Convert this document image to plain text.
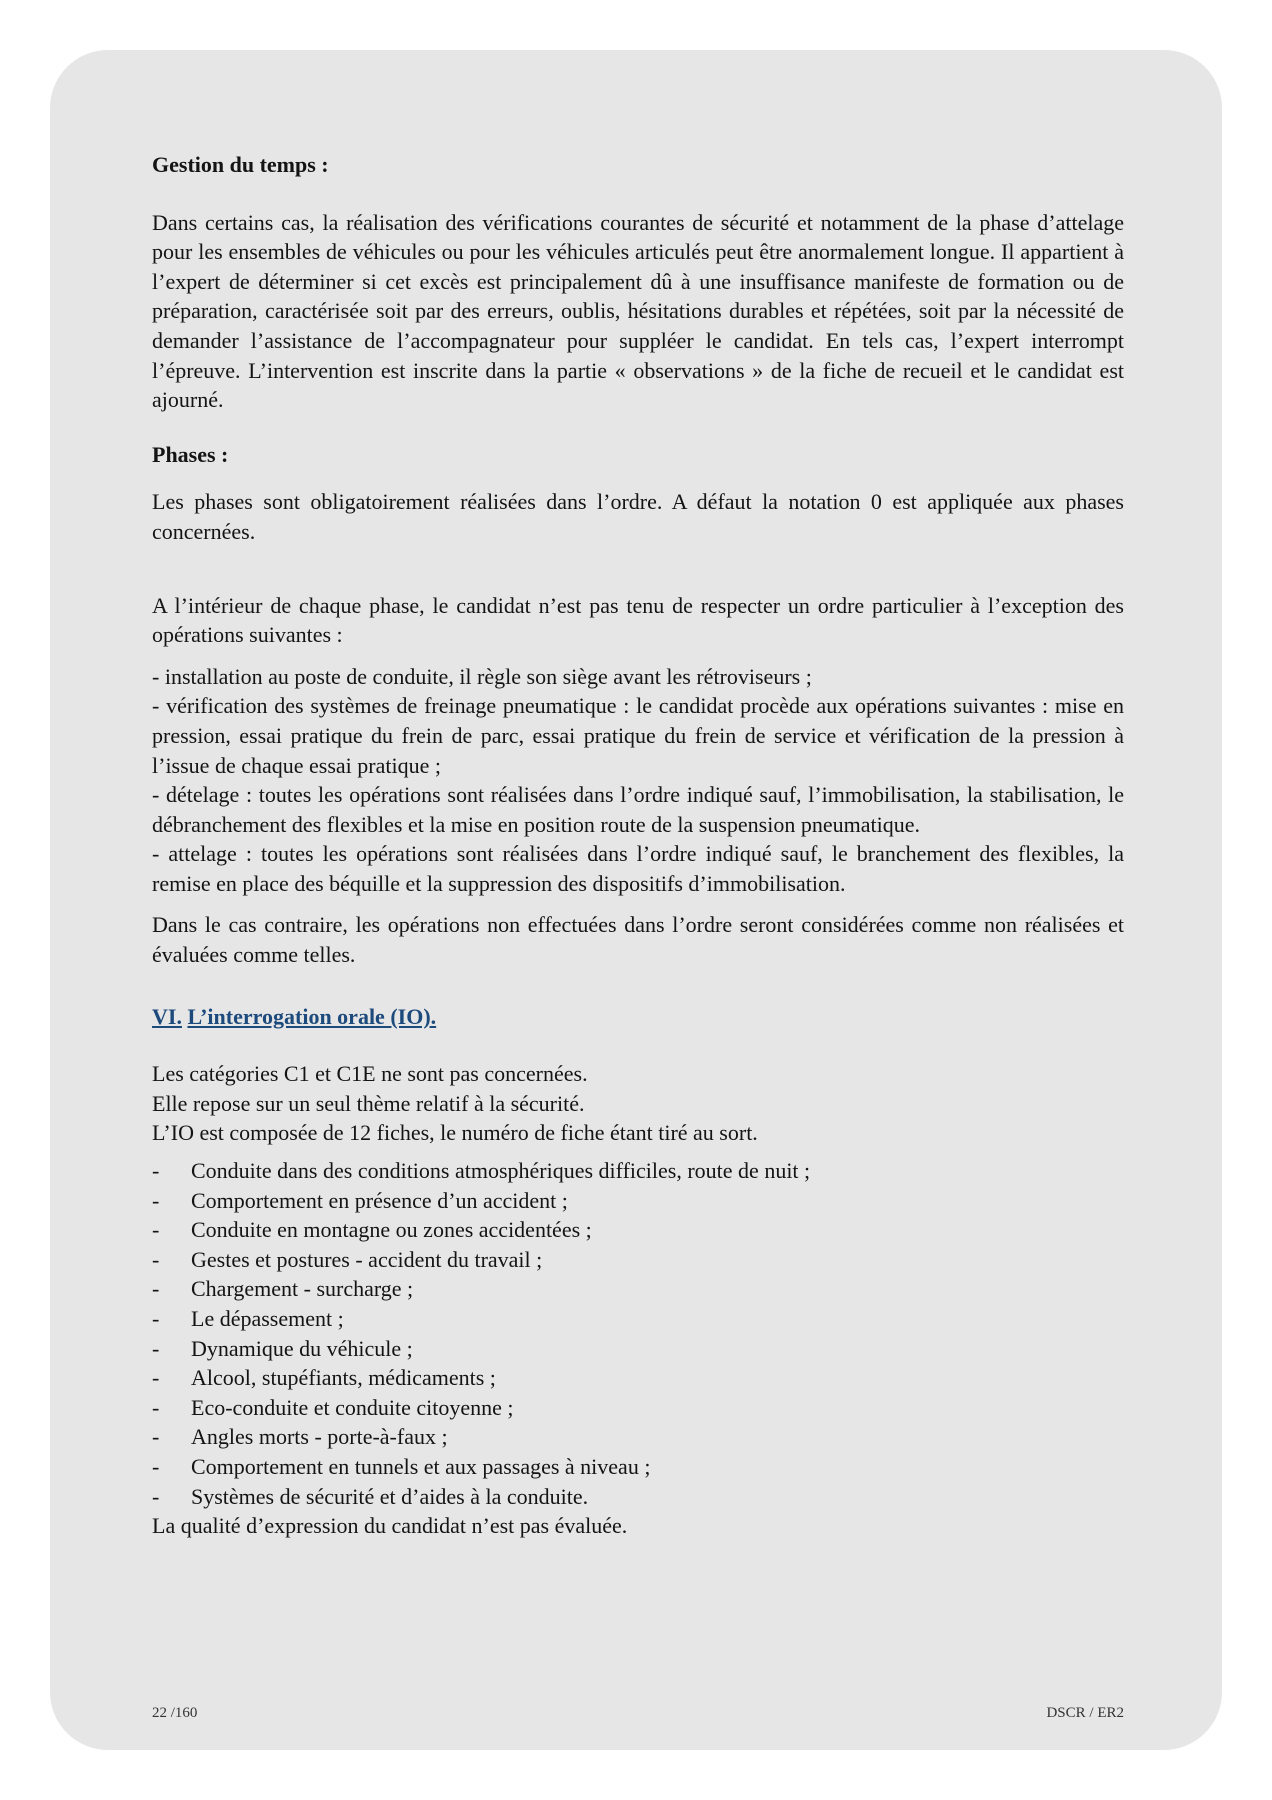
Gestion du temps :

Dans certains cas, la réalisation des vérifications courantes de sécurité et notamment de la phase d’attelage pour les ensembles de véhicules ou pour les véhicules articulés peut être anormalement longue. Il appartient à l’expert de déterminer si cet excès est principalement dû à une insuffisance manifeste de formation ou de préparation, caractérisée soit par des erreurs, oublis, hésitations durables et répétées, soit par la nécessité de demander l’assistance de l’accompagnateur pour suppléer le candidat. En tels cas, l’expert interrompt l’épreuve. L’intervention est inscrite dans la partie « observations » de la fiche de recueil et le candidat est ajourné.

Phases :

Les phases sont obligatoirement réalisées dans l’ordre. A défaut la notation 0 est appliquée aux phases concernées.

A l’intérieur de chaque phase, le candidat n’est pas tenu de respecter un ordre particulier à l’exception des opérations suivantes :

- installation au poste de conduite, il règle son siège avant les rétroviseurs ;

- vérification des systèmes de freinage pneumatique : le candidat procède aux opérations suivantes : mise en pression, essai pratique du frein de parc, essai pratique du frein de service et vérification de la pression à l’issue de chaque essai pratique ;

- dételage : toutes les opérations sont réalisées dans l’ordre indiqué sauf, l’immobilisation, la stabilisation, le débranchement des flexibles et la mise en position route de la suspension pneumatique.

- attelage : toutes les opérations sont réalisées dans l’ordre indiqué sauf, le branchement des flexibles, la remise en place des béquille et la suppression des dispositifs d’immobilisation.

Dans le cas contraire, les opérations non effectuées dans l’ordre seront considérées comme non réalisées et évaluées comme telles.

VI. L’interrogation orale (IO).

Les catégories C1 et C1E ne sont pas concernées.

Elle repose sur un seul thème relatif à la sécurité.

L’IO est composée de 12 fiches, le numéro de fiche étant tiré au sort.

- Conduite dans des conditions atmosphériques difficiles, route de nuit ;
- Comportement en présence d’un accident ;
- Conduite en montagne ou zones accidentées ;
- Gestes et postures - accident du travail ;
- Chargement - surcharge ;
- Le dépassement ;
- Dynamique du véhicule ;
- Alcool, stupéfiants, médicaments ;
- Eco-conduite et conduite citoyenne ;
- Angles morts - porte-à-faux ;
- Comportement en tunnels et aux passages à niveau ;
- Systèmes de sécurité et d’aides à la conduite.

La qualité d’expression du candidat n’est pas évaluée.

22 /160	DSCR / ER2
